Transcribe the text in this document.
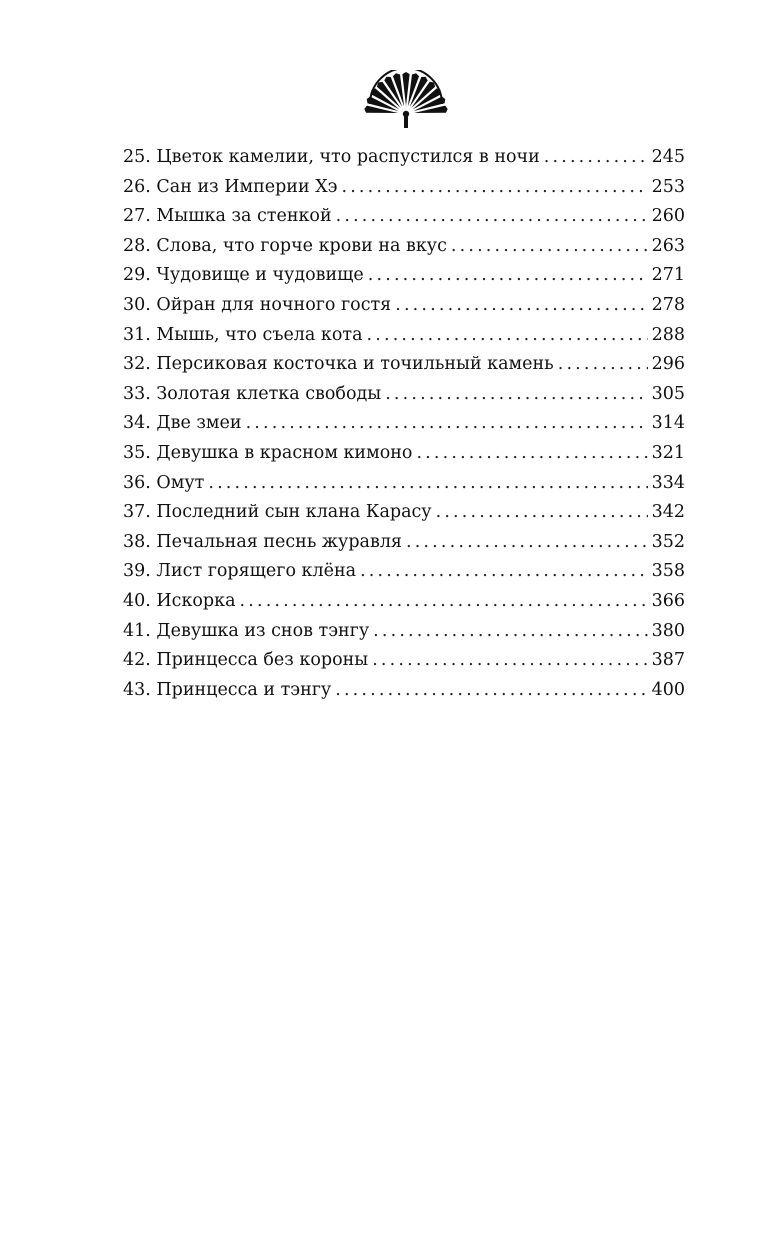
25. Цветок камелии, что распустился в ночи . . .	245
26. Сан из Империи Хэ . . .	253
27. Мышка за стенкой . . .	260
28. Слова, что горче крови на вкус . . .	263
29. Чудовище и чудовище . . .	271
30. Ойран для ночного гостя . . .	278
31. Мышь, что съела кота . . .	288
32. Персиковая косточка и точильный камень . . .	296
33. Золотая клетка свободы . . .	305
34. Две змеи . . .	314
35. Девушка в красном кимоно . . .	321
36. Омут . . .	334
37. Последний сын клана Карасу . . .	342
38. Печальная песнь журавля . . .	352
39. Лист горящего клёна . . .	358
40. Искорка . . .	366
41. Девушка из снов тэнгу . . .	380
42. Принцесса без короны . . .	387
43. Принцесса и тэнгу . . .	400
